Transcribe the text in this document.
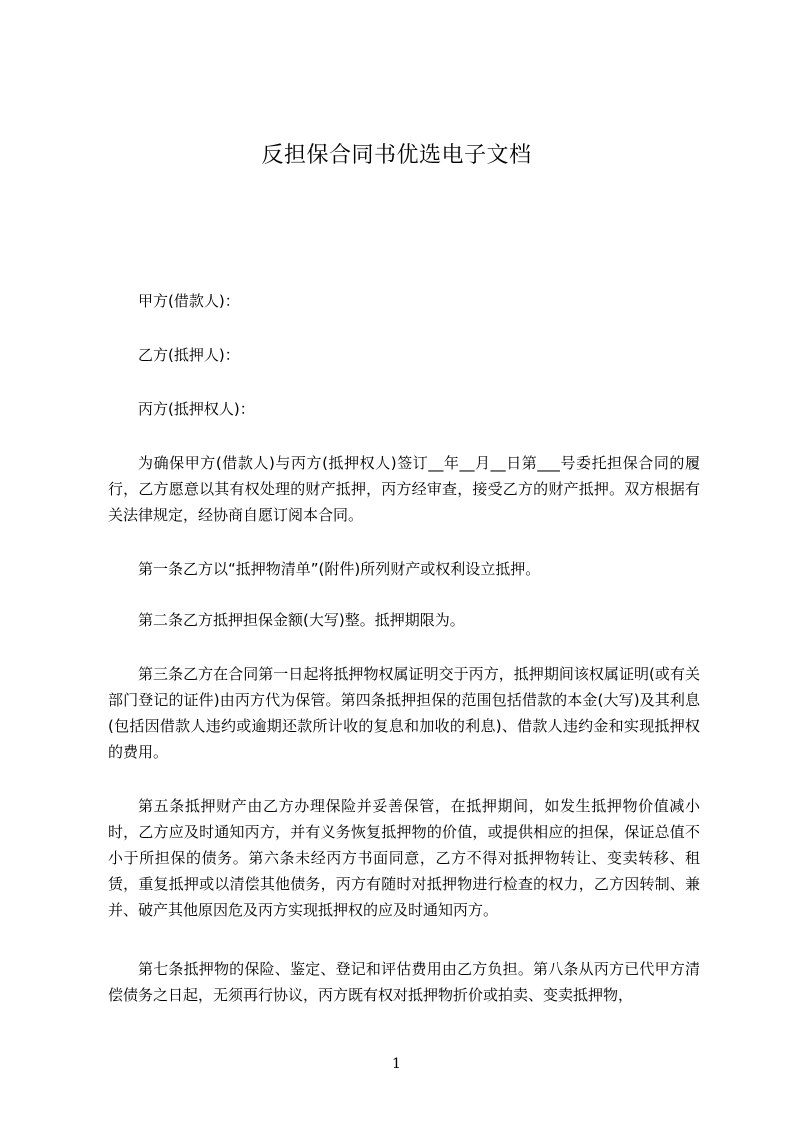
反担保合同书优选电子文档

甲方(借款人)：

乙方(抵押人)：

丙方(抵押权人)：

为确保甲方(借款人)与丙方(抵押权人)签订__年__月__日第___号委托担保合同的履行，乙方愿意以其有权处理的财产抵押，丙方经审查，接受乙方的财产抵押。双方根据有关法律规定，经协商自愿订阅本合同。

第一条乙方以“抵押物清单”(附件)所列财产或权利设立抵押。

第二条乙方抵押担保金额(大写)整。抵押期限为。

第三条乙方在合同第一日起将抵押物权属证明交于丙方，抵押期间该权属证明(或有关部门登记的证件)由丙方代为保管。第四条抵押担保的范围包括借款的本金(大写)及其利息(包括因借款人违约或逾期还款所计收的复息和加收的利息)、借款人违约金和实现抵押权的费用。

第五条抵押财产由乙方办理保险并妥善保管，在抵押期间，如发生抵押物价值减小时，乙方应及时通知丙方，并有义务恢复抵押物的价值，或提供相应的担保，保证总值不小于所担保的债务。第六条未经丙方书面同意，乙方不得对抵押物转让、变卖转移、租赁，重复抵押或以清偿其他债务，丙方有随时对抵押物进行检查的权力，乙方因转制、兼并、破产其他原因危及丙方实现抵押权的应及时通知丙方。

第七条抵押物的保险、鉴定、登记和评估费用由乙方负担。第八条从丙方已代甲方清偿债务之日起，无须再行协议，丙方既有权对抵押物折价或拍卖、变卖抵押物，

1
